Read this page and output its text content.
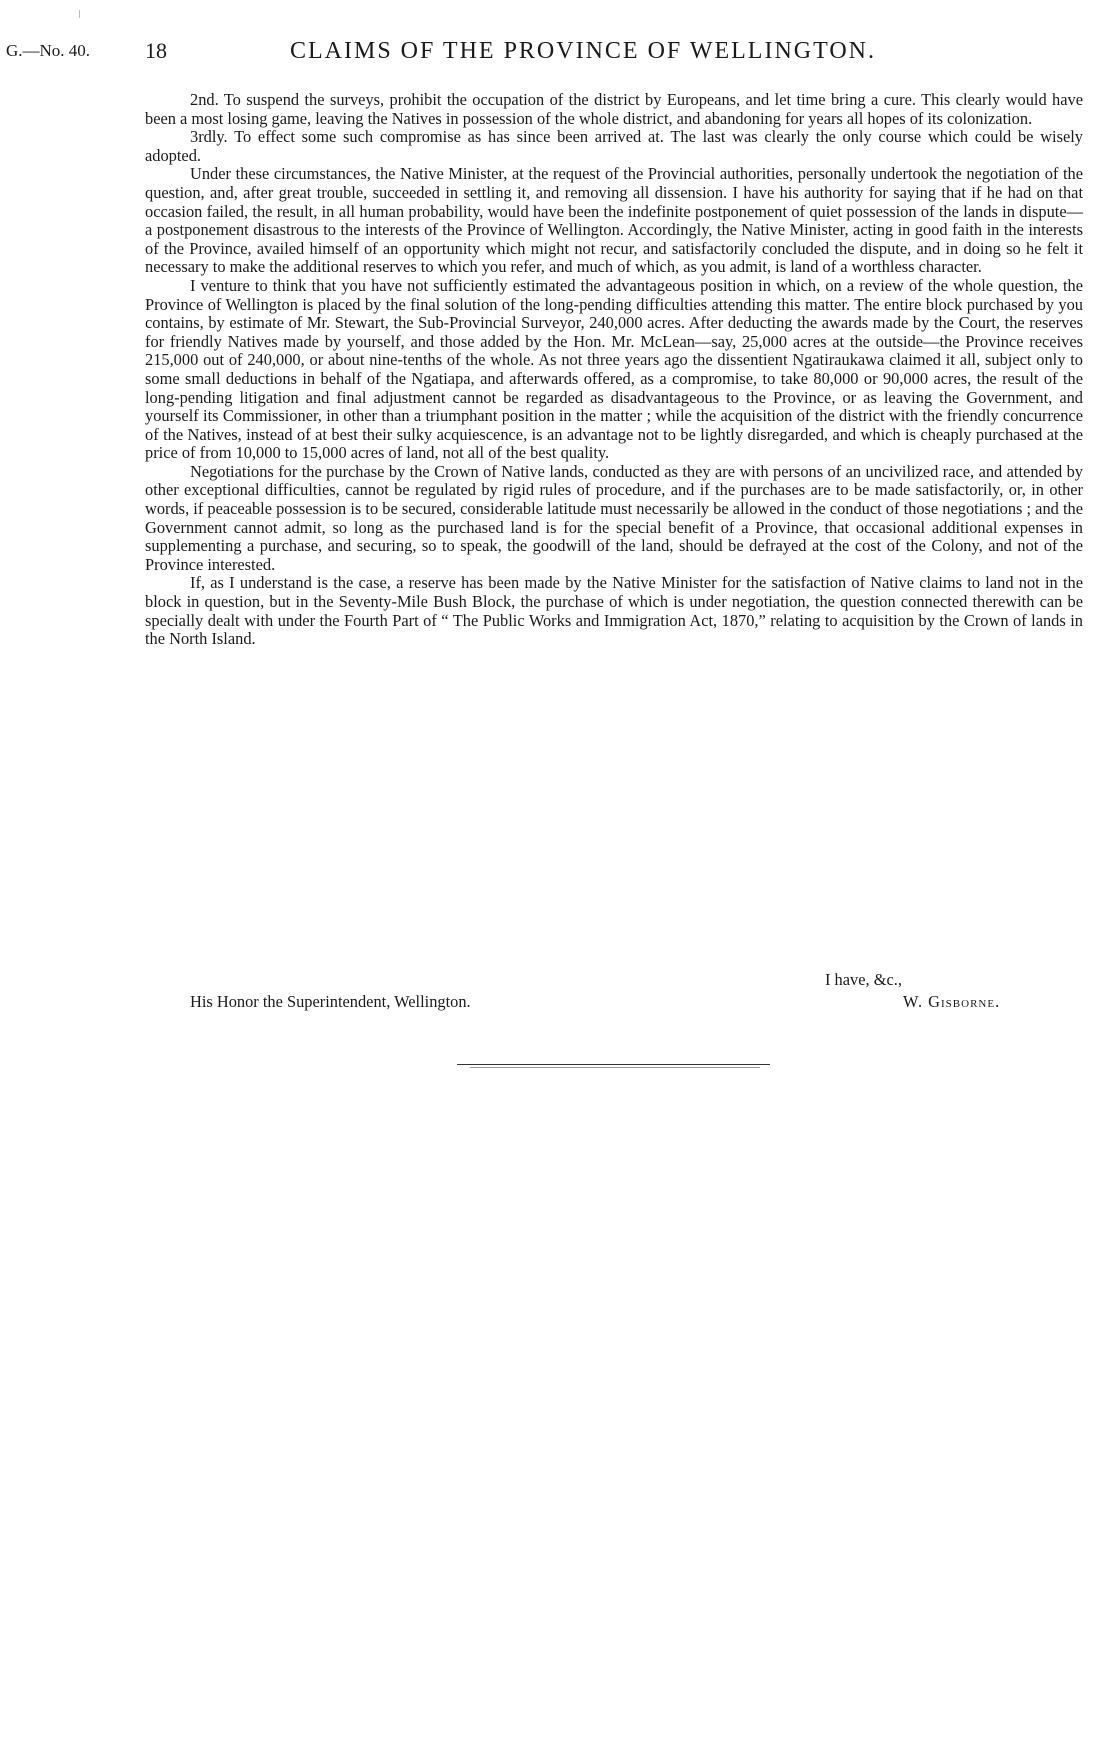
G.—No. 40. 18	CLAIMS OF THE PROVINCE OF WELLINGTON.

2nd. To suspend the surveys, prohibit the occupation of the district by Europeans, and let time bring a cure. This clearly would have been a most losing game, leaving the Natives in possession of the whole district, and abandoning for years all hopes of its colonization.

3rdly. To effect some such compromise as has since been arrived at. The last was clearly the only course which could be wisely adopted.

Under these circumstances, the Native Minister, at the request of the Provincial authorities, personally undertook the negotiation of the question, and, after great trouble, succeeded in settling it, and removing all dissension. I have his authority for saying that if he had on that occasion failed, the result, in all human probability, would have been the indefinite postponement of quiet possession of the lands in dispute—a postponement disastrous to the interests of the Province of Wellington. Accordingly, the Native Minister, acting in good faith in the interests of the Province, availed himself of an opportunity which might not recur, and satisfactorily concluded the dispute, and in doing so he felt it necessary to make the additional reserves to which you refer, and much of which, as you admit, is land of a worthless character.

I venture to think that you have not sufficiently estimated the advantageous position in which, on a review of the whole question, the Province of Wellington is placed by the final solution of the long-pending difficulties attending this matter. The entire block purchased by you contains, by estimate of Mr. Stewart, the Sub-Provincial Surveyor, 240,000 acres. After deducting the awards made by the Court, the reserves for friendly Natives made by yourself, and those added by the Hon. Mr. McLean—say, 25,000 acres at the outside—the Province receives 215,000 out of 240,000, or about nine-tenths of the whole. As not three years ago the dissentient Ngatiraukawa claimed it all, subject only to some small deductions in behalf of the Ngatiapa, and afterwards offered, as a compromise, to take 80,000 or 90,000 acres, the result of the long-pending litigation and final adjustment cannot be regarded as disadvantageous to the Province, or as leaving the Government, and yourself its Commissioner, in other than a triumphant position in the matter ; while the acquisition of the district with the friendly concurrence of the Natives, instead of at best their sulky acquiescence, is an advantage not to be lightly disregarded, and which is cheaply purchased at the price of from 10,000 to 15,000 acres of land, not all of the best quality.

Negotiations for the purchase by the Crown of Native lands, conducted as they are with persons of an uncivilized race, and attended by other exceptional difficulties, cannot be regulated by rigid rules of procedure, and if the purchases are to be made satisfactorily, or, in other words, if peaceable possession is to be secured, considerable latitude must necessarily be allowed in the conduct of those negotiations ; and the Government cannot admit, so long as the purchased land is for the special benefit of a Province, that occasional additional expenses in supplementing a purchase, and securing, so to speak, the goodwill of the land, should be defrayed at the cost of the Colony, and not of the Province interested.

If, as I understand is the case, a reserve has been made by the Native Minister for the satisfaction of Native claims to land not in the block in question, but in the Seventy-Mile Bush Block, the purchase of which is under negotiation, the question connected therewith can be specially dealt with under the Fourth Part of “ The Public Works and Immigration Act, 1870,” relating to acquisition by the Crown of lands in the North Island.

I have, &c.,
His Honor the Superintendent, Wellington.	W. Gisborne.
